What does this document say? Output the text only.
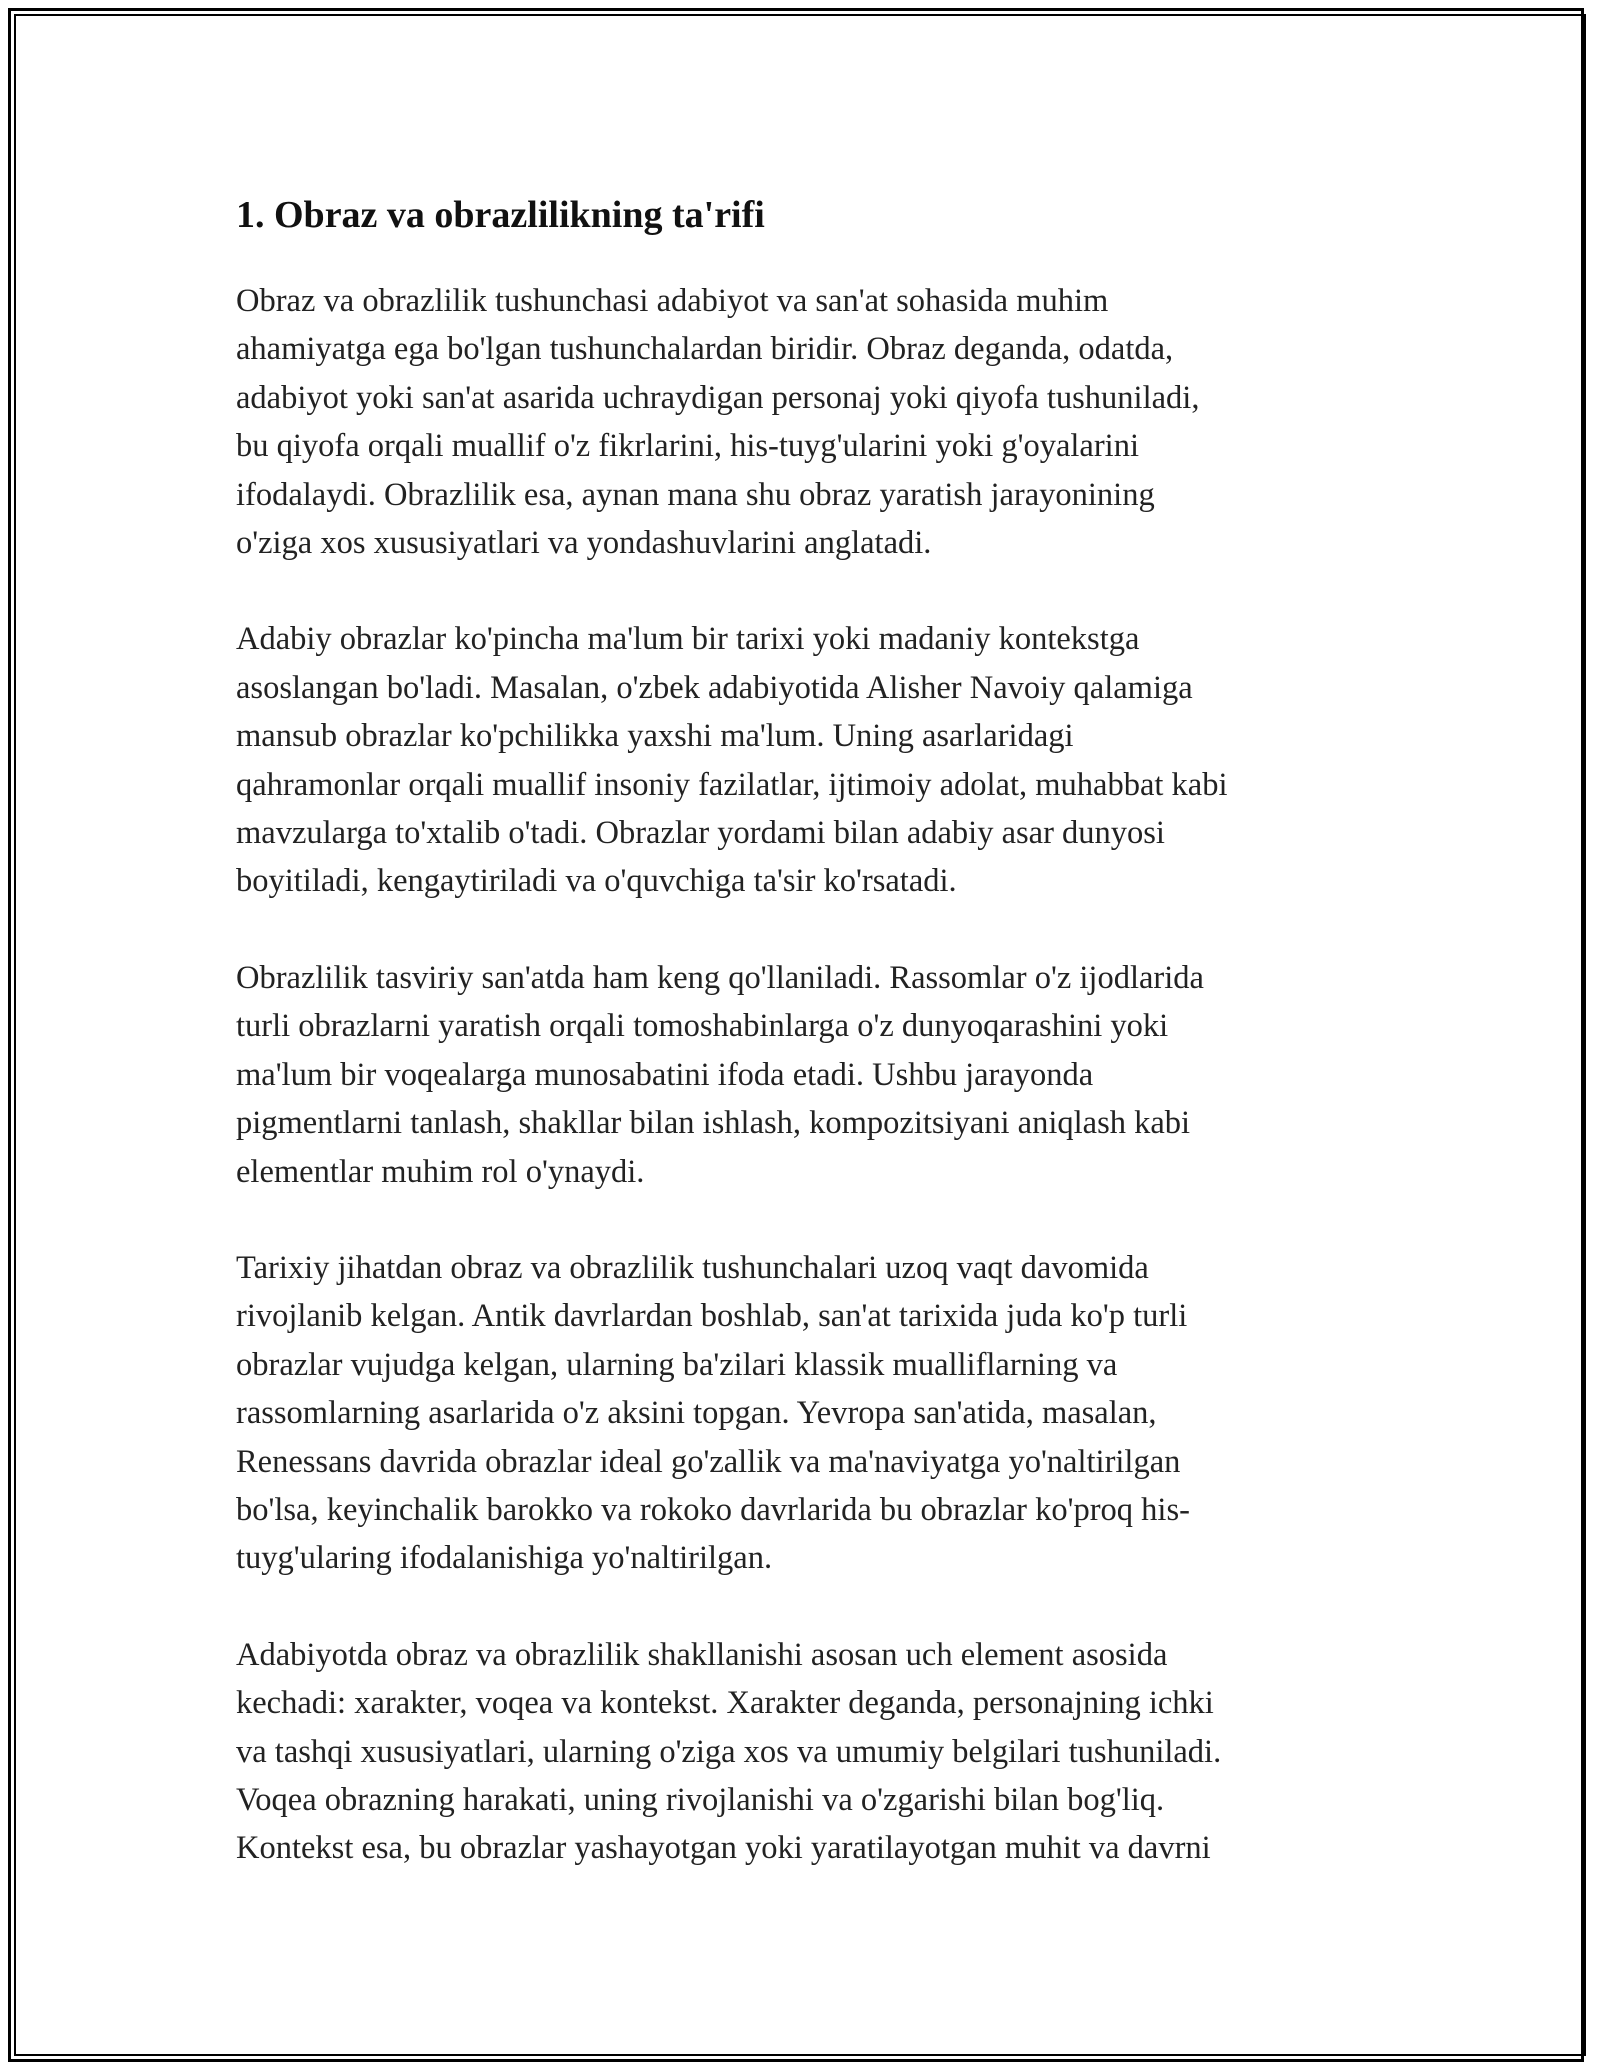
1. Obraz va obrazlilikning ta'rifi

Obraz va obrazlilik tushunchasi adabiyot va san'at sohasida muhim
ahamiyatga ega bo'lgan tushunchalardan biridir. Obraz deganda, odatda,
adabiyot yoki san'at asarida uchraydigan personaj yoki qiyofa tushuniladi,
bu qiyofa orqali muallif o'z fikrlarini, his-tuyg'ularini yoki g'oyalarini
ifodalaydi. Obrazlilik esa, aynan mana shu obraz yaratish jarayonining
o'ziga xos xususiyatlari va yondashuvlarini anglatadi.

Adabiy obrazlar ko'pincha ma'lum bir tarixi yoki madaniy kontekstga
asoslangan bo'ladi. Masalan, o'zbek adabiyotida Alisher Navoiy qalamiga
mansub obrazlar ko'pchilikka yaxshi ma'lum. Uning asarlaridagi
qahramonlar orqali muallif insoniy fazilatlar, ijtimoiy adolat, muhabbat kabi
mavzularga to'xtalib o'tadi. Obrazlar yordami bilan adabiy asar dunyosi
boyitiladi, kengaytiriladi va o'quvchiga ta'sir ko'rsatadi.

Obrazlilik tasviriy san'atda ham keng qo'llaniladi. Rassomlar o'z ijodlarida
turli obrazlarni yaratish orqali tomoshabinlarga o'z dunyoqarashini yoki
ma'lum bir voqealarga munosabatini ifoda etadi. Ushbu jarayonda
pigmentlarni tanlash, shakllar bilan ishlash, kompozitsiyani aniqlash kabi
elementlar muhim rol o'ynaydi.

Tarixiy jihatdan obraz va obrazlilik tushunchalari uzoq vaqt davomida
rivojlanib kelgan. Antik davrlardan boshlab, san'at tarixida juda ko'p turli
obrazlar vujudga kelgan, ularning ba'zilari klassik mualliflarning va
rassomlarning asarlarida o'z aksini topgan. Yevropa san'atida, masalan,
Renessans davrida obrazlar ideal go'zallik va ma'naviyatga yo'naltirilgan
bo'lsa, keyinchalik barokko va rokoko davrlarida bu obrazlar ko'proq his-
tuyg'ularing ifodalanishiga yo'naltirilgan.

Adabiyotda obraz va obrazlilik shakllanishi asosan uch element asosida
kechadi: xarakter, voqea va kontekst. Xarakter deganda, personajning ichki
va tashqi xususiyatlari, ularning o'ziga xos va umumiy belgilari tushuniladi.
Voqea obrazning harakati, uning rivojlanishi va o'zgarishi bilan bog'liq.
Kontekst esa, bu obrazlar yashayotgan yoki yaratilayotgan muhit va davrni
